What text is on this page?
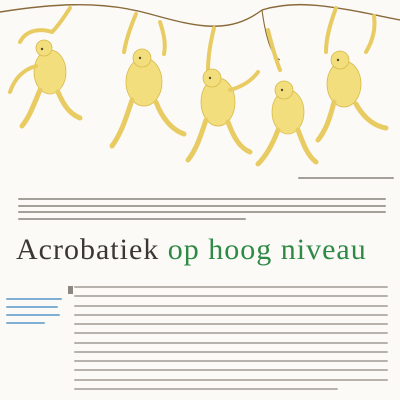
Acrobatiek op hoog niveau
